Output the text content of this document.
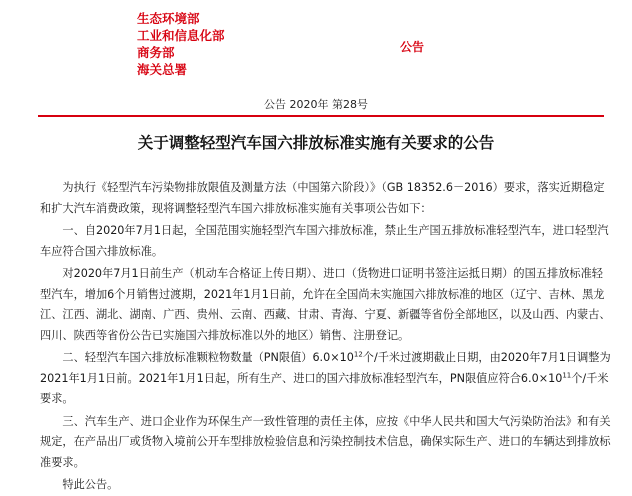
生态环境部
工业和信息化部
商务部
海关总署
公告
公告 2020年 第28号
关于调整轻型汽车国六排放标准实施有关要求的公告

为执行《轻型汽车污染物排放限值及测量方法（中国第六阶段）》（GB 18352.6－2016）要求，落实近期稳定和扩大汽车消费政策，现将调整轻型汽车国六排放标准实施有关事项公告如下：

一、自2020年7月1日起，全国范围实施轻型汽车国六排放标准，禁止生产国五排放标准轻型汽车，进口轻型汽车应符合国六排放标准。

对2020年7月1日前生产（机动车合格证上传日期）、进口（货物进口证明书签注运抵日期）的国五排放标准轻型汽车，增加6个月销售过渡期，2021年1月1日前，允许在全国尚未实施国六排放标准的地区（辽宁、吉林、黑龙江、江西、湖北、湖南、广西、贵州、云南、西藏、甘肃、青海、宁夏、新疆等省份全部地区，以及山西、内蒙古、四川、陕西等省份公告已实施国六排放标准以外的地区）销售、注册登记。

二、轻型汽车国六排放标准颗粒物数量（PN限值）$6.0\times 10^{12}$个/千米过渡期截止日期，由2020年7月1日调整为2021年1月1日前。2021年1月1日起，所有生产、进口的国六排放标准轻型汽车，PN限值应符合$6.0\times 10^{11}$个/千米要求。

三、汽车生产、进口企业作为环保生产一致性管理的责任主体，应按《中华人民共和国大气污染防治法》和有关规定，在产品出厂或货物入境前公开车型排放检验信息和污染控制技术信息，确保实际生产、进口的车辆达到排放标准要求。

特此公告。
